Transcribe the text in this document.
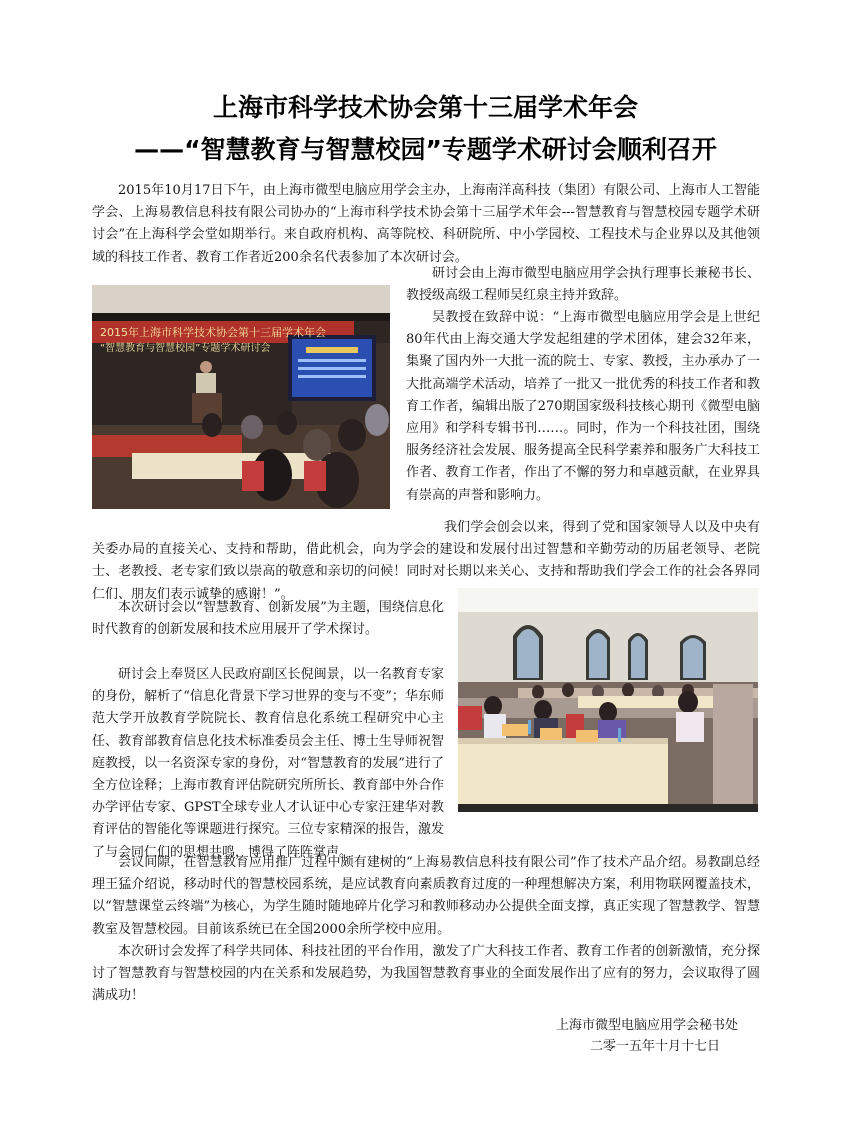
上海市科学技术协会第十三届学术年会
——“智慧教育与智慧校园”专题学术研讨会顺利召开

2015年10月17日下午，由上海市微型电脑应用学会主办，上海南洋高科技（集团）有限公司、上海市人工智能学会、上海易教信息科技有限公司协办的“上海市科学技术协会第十三届学术年会---智慧教育与智慧校园专题学术研讨会”在上海科学会堂如期举行。来自政府机构、高等院校、科研院所、中小学园校、工程技术与企业界以及其他领域的科技工作者、教育工作者近200余名代表参加了本次研讨会。

2015年上海市科学技术协会第十三届学术年会
“智慧教育与智慧校园”专题学术研讨会

研讨会由上海市微型电脑应用学会执行理事长兼秘书长、教授级高级工程师吴红泉主持并致辞。

吴教授在致辞中说：“上海市微型电脑应用学会是上世纪80年代由上海交通大学发起组建的学术团体，建会32年来，集聚了国内外一大批一流的院士、专家、教授，主办承办了一大批高端学术活动，培养了一批又一批优秀的科技工作者和教育工作者，编辑出版了270期国家级科技核心期刊《微型电脑应用》和学科专辑书刊……。同时，作为一个科技社团，围绕服务经济社会发展、服务提高全民科学素养和服务广大科技工作者、教育工作者，作出了不懈的努力和卓越贡献，在业界具有崇高的声誉和影响力。

我们学会创会以来，得到了党和国家领导人以及中央有关委办局的直接关心、支持和帮助，借此机会，向为学会的建设和发展付出过智慧和辛勤劳动的历届老领导、老院士、老教授、老专家们致以崇高的敬意和亲切的问候！同时对长期以来关心、支持和帮助我们学会工作的社会各界同仁们、朋友们表示诚挚的感谢！”。

本次研讨会以“智慧教育、创新发展”为主题，围绕信息化时代教育的创新发展和技术应用展开了学术探讨。

研讨会上奉贤区人民政府副区长倪闽景，以一名教育专家的身份，解析了“信息化背景下学习世界的变与不变”；华东师范大学开放教育学院院长、教育信息化系统工程研究中心主任、教育部教育信息化技术标准委员会主任、博士生导师祝智庭教授，以一名资深专家的身份，对“智慧教育的发展”进行了全方位诠释；上海市教育评估院研究所所长、教育部中外合作办学评估专家、GPST全球专业人才认证中心专家汪建华对教育评估的智能化等课题进行探究。三位专家精深的报告，激发了与会同仁们的思想共鸣，博得了阵阵掌声。

会议间隙，在智慧教育应用推广过程中颇有建树的“上海易教信息科技有限公司”作了技术产品介绍。易教副总经理王猛介绍说，移动时代的智慧校园系统，是应试教育向素质教育过度的一种理想解决方案，利用物联网覆盖技术，以“智慧课堂云终端”为核心，为学生随时随地碎片化学习和教师移动办公提供全面支撑，真正实现了智慧教学、智慧教室及智慧校园。目前该系统已在全国2000余所学校中应用。

本次研讨会发挥了科学共同体、科技社团的平台作用，激发了广大科技工作者、教育工作者的创新激情，充分探讨了智慧教育与智慧校园的内在关系和发展趋势，为我国智慧教育事业的全面发展作出了应有的努力，会议取得了圆满成功！

上海市微型电脑应用学会秘书处
二零一五年十月十七日
